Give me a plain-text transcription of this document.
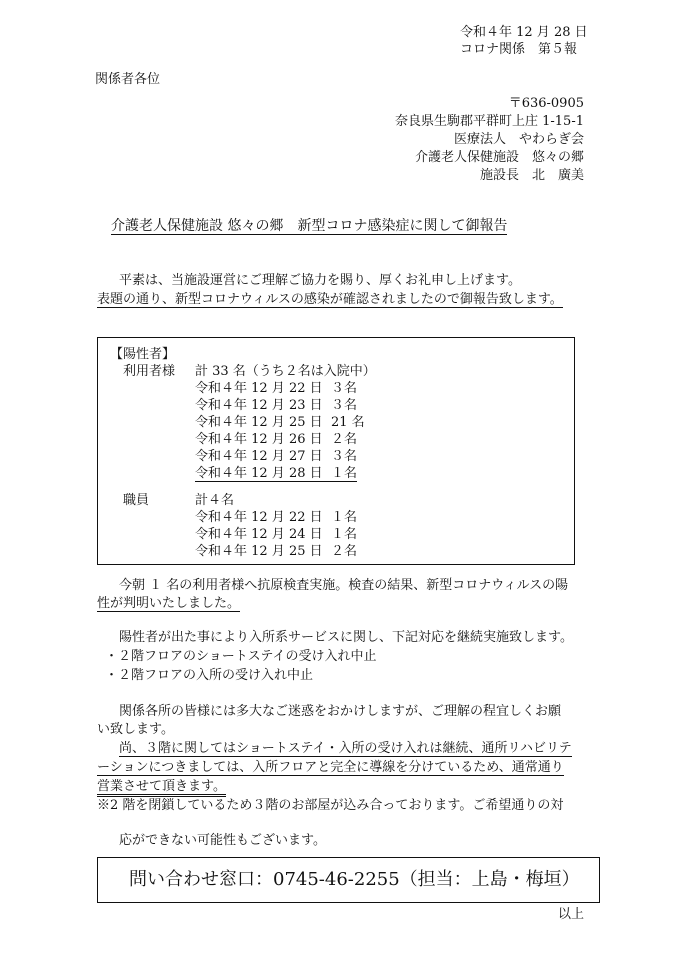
令和４年 12 月 28 日
コロナ関係　第５報
関係者各位
〒636-0905
奈良県生駒郡平群町上庄 1-15-1
医療法人　やわらぎ会
介護老人保健施設　悠々の郷
施設長　北　廣美
介護老人保健施設 悠々の郷　新型コロナ感染症に関して御報告
平素は、当施設運営にご理解ご協力を賜り、厚くお礼申し上げます。
表題の通り、新型コロナウィルスの感染が確認されましたので御報告致します。
【陽性者】
利用者様 計 33 名（うち２名は入院中）
令和４年 12 月 22 日 ３名
令和４年 12 月 23 日 ３名
令和４年 12 月 25 日 21 名
令和４年 12 月 26 日 ２名
令和４年 12 月 27 日 ３名
令和４年 12 月 28 日 １名
職員	計４名
令和４年 12 月 22 日 １名
令和４年 12 月 24 日 １名
令和４年 12 月 25 日 ２名
今朝 １ 名の利用者様へ抗原検査実施。検査の結果、新型コロナウィルスの陽
性が判明いたしました。
陽性者が出た事により入所系サービスに関し、下記対応を継続実施致します。
・２階フロアのショートステイの受け入れ中止
・２階フロアの入所の受け入れ中止
関係各所の皆様には多大なご迷惑をおかけしますが、ご理解の程宜しくお願
い致します。
尚、３階に関してはショートステイ・入所の受け入れは継続、通所リハビリテ
ーションにつきましては、入所フロアと完全に導線を分けているため、通常通り
営業させて頂きます。
※2 階を閉鎖しているため３階のお部屋が込み合っております。ご希望通りの対
応ができない可能性もございます。
問い合わせ窓口：0745-46-2255（担当：上島・梅垣）
以上
